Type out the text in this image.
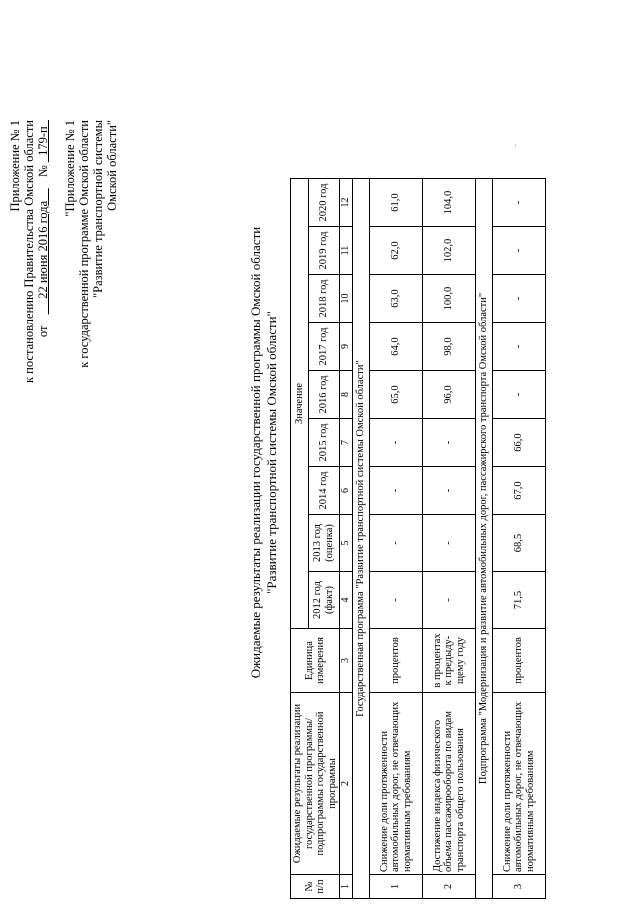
Приложение № 1 к постановлению Правительства Омской области от      22 июня 2016 года     №   179-п "Приложение № 1 к государственной программе Омской области "Развитие транспортной системы Омской области"
Ожидаемые результаты реализации государственной программы Омской области "Развитие транспортной системы Омской области"
№ п/п	Ожидаемые результаты реализации государственной программы/подпрограммы государственной программы	Единица измерения	Значение								
			2012 год (факт)	2013 год (оценка)	2014 год	2015 год	2016 год	2017 год	2018 год	2019 год	2020 год
1	2	3	4	5	6	7	8	9	10	11	12
Государственная программа "Развитие транспортной системы Омской области"											
1	Снижение доли протяженности автомобильных дорог, не отвечающих нормативным требованиям	процентов	-	-	-	-	65,0	64,0	63,0	62,0	61,0
2	Достижение индекса физического объема пассажирооборота по видам транспорта общего пользования	в процентах к предыду-щему году	-	-	-	-	96,0	98,0	100,0	102,0	104,0
Подпрограмма "Модернизация и развитие автомобильных дорог, пассажирского транспорта Омской области"											
3	Снижение доли протяженности автомобильных дорог, не отвечающих нормативным требованиям	процентов	71,5	68,5	67,0	66,0	-	-	-	-	-
